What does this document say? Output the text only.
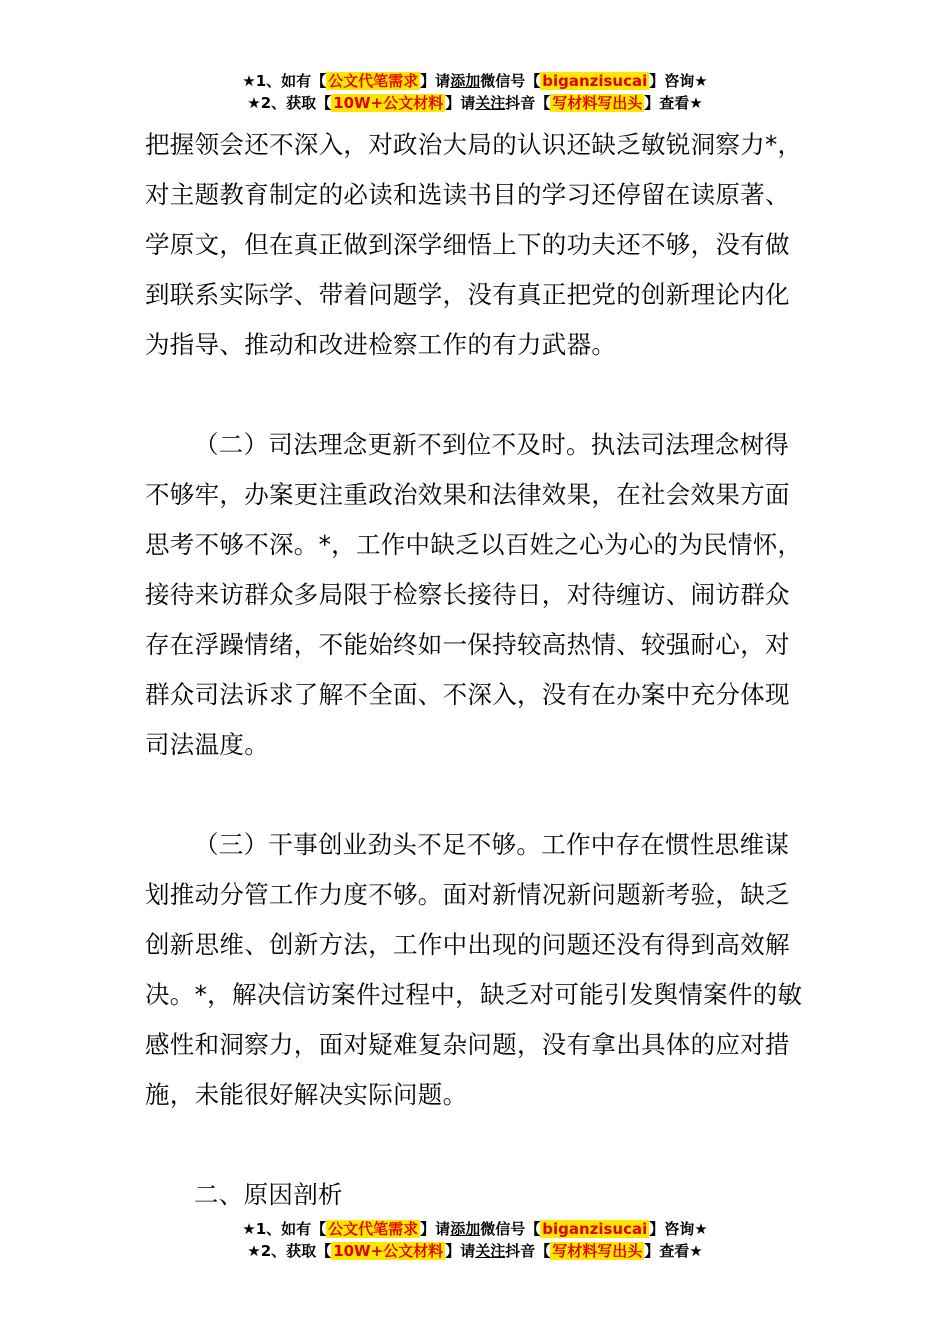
★1、如有【 公文代笔需求 】请添加微信号【 biganzisucai 】咨询★
★2、获取【 10W+公文材料 】请关注抖音【 写材料写出头 】查看★

把握领会还不深入，对政治大局的认识还缺乏敏锐洞察力*，对主题教育制定的必读和选读书目的学习还停留在读原著、学原文，但在真正做到深学细悟上下的功夫还不够，没有做到联系实际学、带着问题学，没有真正把党的创新理论内化为指导、推动和改进检察工作的有力武器。

（二）司法理念更新不到位不及时。执法司法理念树得不够牢，办案更注重政治效果和法律效果，在社会效果方面思考不够不深。*，工作中缺乏以百姓之心为心的为民情怀，接待来访群众多局限于检察长接待日，对待缠访、闹访群众存在浮躁情绪，不能始终如一保持较高热情、较强耐心，对群众司法诉求了解不全面、不深入，没有在办案中充分体现司法温度。

（三）干事创业劲头不足不够。工作中存在惯性思维谋划推动分管工作力度不够。面对新情况新问题新考验，缺乏创新思维、创新方法，工作中出现的问题还没有得到高效解决。*，解决信访案件过程中，缺乏对可能引发舆情案件的敏感性和洞察力，面对疑难复杂问题，没有拿出具体的应对措施，未能很好解决实际问题。

二、原因剖析

★1、如有【 公文代笔需求 】请添加微信号【 biganzisucai 】咨询★
★2、获取【 10W+公文材料 】请关注抖音【 写材料写出头 】查看★
